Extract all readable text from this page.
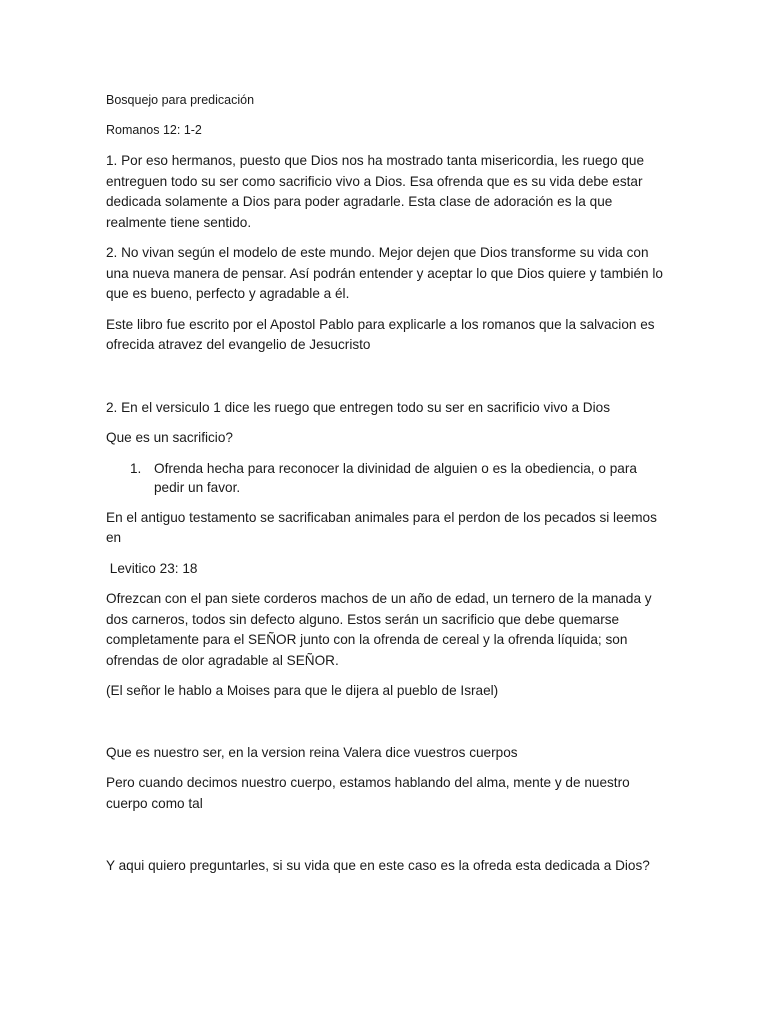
Bosquejo para predicación

Romanos 12: 1-2

1. Por eso hermanos, puesto que Dios nos ha mostrado tanta misericordia, les ruego que entreguen todo su ser como sacrificio vivo a Dios. Esa ofrenda que es su vida debe estar dedicada solamente a Dios para poder agradarle. Esta clase de adoración es la que realmente tiene sentido.

2. No vivan según el modelo de este mundo. Mejor dejen que Dios transforme su vida con una nueva manera de pensar. Así podrán entender y aceptar lo que Dios quiere y también lo que es bueno, perfecto y agradable a él.

Este libro fue escrito por el Apostol Pablo para explicarle a los romanos que la salvacion es ofrecida atravez del evangelio de Jesucristo

2. En el versiculo 1 dice les ruego que entregen todo su ser en sacrificio vivo a Dios

Que es un sacrificio?

1. Ofrenda hecha para reconocer la divinidad de alguien o es la obediencia, o para pedir un favor.

En el antiguo testamento se sacrificaban animales para el perdon de los pecados si leemos en

Levitico 23: 18

Ofrezcan con el pan siete corderos machos de un año de edad, un ternero de la manada y dos carneros, todos sin defecto alguno. Estos serán un sacrificio que debe quemarse completamente para el SEÑOR junto con la ofrenda de cereal y la ofrenda líquida; son ofrendas de olor agradable al SEÑOR.

(El señor le hablo a Moises para que le dijera al pueblo de Israel)

Que es nuestro ser, en la version reina Valera dice vuestros cuerpos

Pero cuando decimos nuestro cuerpo, estamos hablando del alma, mente y de nuestro cuerpo como tal

Y aqui quiero preguntarles, si su vida que en este caso es la ofreda esta dedicada a Dios?
